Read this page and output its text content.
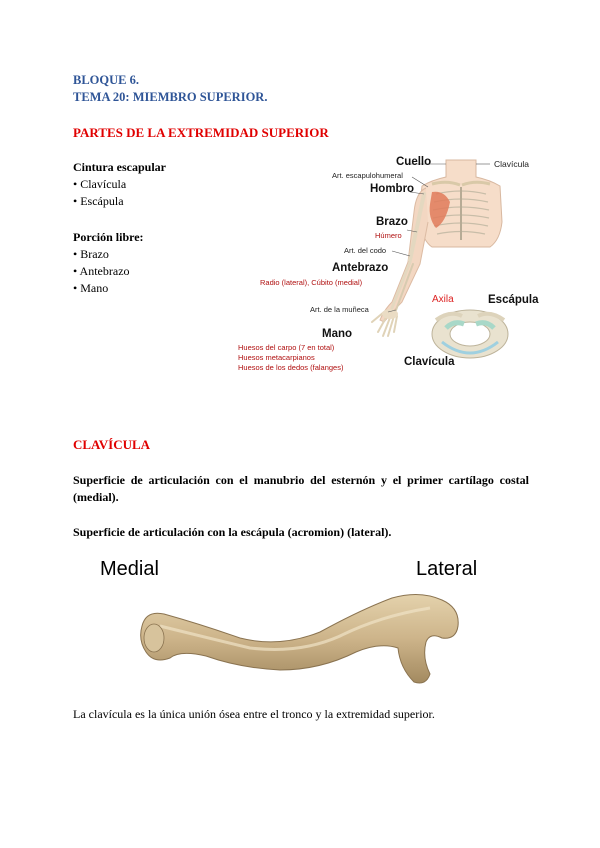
BLOQUE 6.
TEMA 20: MIEMBRO SUPERIOR.
PARTES DE LA EXTREMIDAD SUPERIOR
Cintura escapular
• Clavícula
• Escápula
Porción libre:
• Brazo
• Antebrazo
• Mano
Cuello	Clavícula
Art. escapulohumeral
Hombro
Brazo
Húmero
Art. del codo
Antebrazo
Radio (lateral), Cúbito (medial)
Art. de la muñeca
Axila	Escápula
Mano
Huesos del carpo (7 en total)
Huesos metacarpianos
Huesos de los dedos (falanges)	Clavícula
CLAVÍCULA
Superficie de articulación con el manubrio del esternón y el primer cartílago costal (medial).
Superficie de articulación con la escápula (acromion) (lateral).
Medial	Lateral
La clavícula es la única unión ósea entre el tronco y la extremidad superior.
